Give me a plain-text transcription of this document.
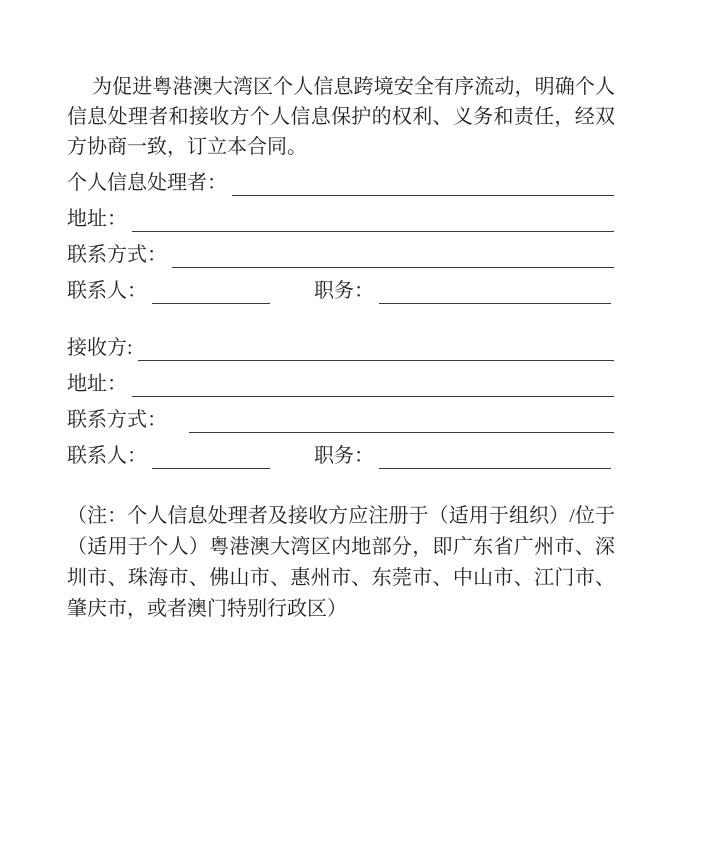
为促进粤港澳大湾区个人信息跨境安全有序流动，明确个人信息处理者和接收方个人信息保护的权利、义务和责任，经双方协商一致，订立本合同。

个人信息处理者：
地址：
联系方式：
联系人：	职务：
接收方:
地址：
联系方式：
联系人：	职务：

（注：个人信息处理者及接收方应注册于（适用于组织）/位于（适用于个人）粤港澳大湾区内地部分，即广东省广州市、深圳市、珠海市、佛山市、惠州市、东莞市、中山市、江门市、肇庆市，或者澳门特别行政区）
